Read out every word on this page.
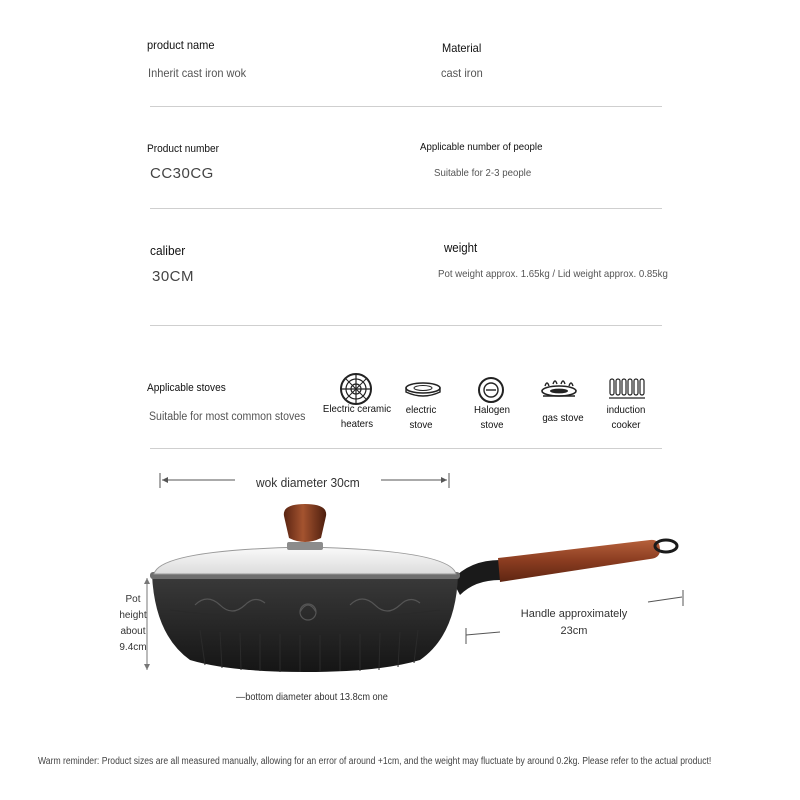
product name
Inherit cast iron wok
Material
cast iron
Product number
CC30CG
Applicable number of people
Suitable for 2-3 people
caliber
30CM
weight
Pot weight approx. 1.65kg / Lid weight approx. 0.85kg
Applicable stoves
Suitable for most common stoves
Electric ceramic
heaters
electric
stove
Halogen
stove
gas stove
induction
cooker
wok diameter 30cm
Pot
height
about
9.4cm
Handle approximately
23cm
—bottom diameter about 13.8cm one
Warm reminder: Product sizes are all measured manually, allowing for an error of around +1cm, and the weight may fluctuate by around 0.2kg. Please refer to the actual product!
